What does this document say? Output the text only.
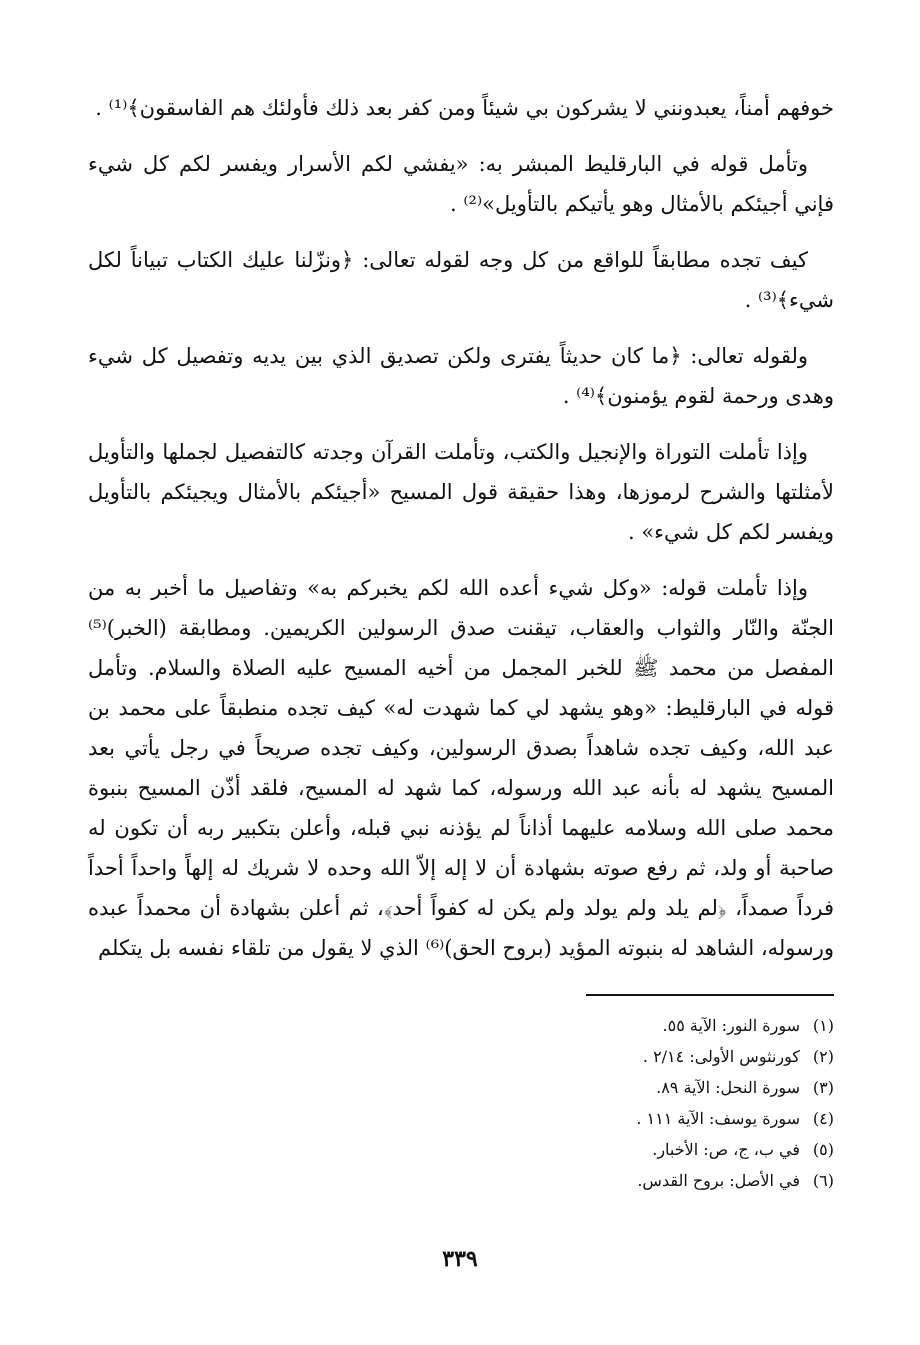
خوفهم أمناً، يعبدونني لا يشركون بي شيئاً ومن كفر بعد ذلك فأولئك هم الفاسقون﴾⁽¹⁾ .

وتأمل قوله في البارقليط المبشر به: «يفشي لكم الأسرار ويفسر لكم كل شيء فإني أجيئكم بالأمثال وهو يأتيكم بالتأويل»⁽²⁾ .

كيف تجده مطابقاً للواقع من كل وجه لقوله تعالى: ﴿ونزّلنا عليك الكتاب تبياناً لكل شيء﴾⁽³⁾ .

ولقوله تعالى: ﴿ما كان حديثاً يفترى ولكن تصديق الذي بين يديه وتفصيل كل شيء وهدى ورحمة لقوم يؤمنون﴾⁽⁴⁾ .

وإذا تأملت التوراة والإنجيل والكتب، وتأملت القرآن وجدته كالتفصيل لجملها والتأويل لأمثلتها والشرح لرموزها، وهذا حقيقة قول المسيح «أجيئكم بالأمثال ويجيئكم بالتأويل ويفسر لكم كل شيء» .

وإذا تأملت قوله: «وكل شيء أعده الله لكم يخبركم به» وتفاصيل ما أخبر به من الجنّة والنّار والثواب والعقاب، تيقنت صدق الرسولين الكريمين. ومطابقة (الخبر)⁽⁵⁾ المفصل من محمد ﷺ للخبر المجمل من أخيه المسيح عليه الصلاة والسلام. وتأمل قوله في البارقليط: «وهو يشهد لي كما شهدت له» كيف تجده منطبقاً على محمد بن عبد الله، وكيف تجده شاهداً بصدق الرسولين، وكيف تجده صريحاً في رجل يأتي بعد المسيح يشهد له بأنه عبد الله ورسوله، كما شهد له المسيح، فلقد أذّن المسيح بنبوة محمد صلى الله وسلامه عليهما أذاناً لم يؤذنه نبي قبله، وأعلن بتكبير ربه أن تكون له صاحبة أو ولد، ثم رفع صوته بشهادة أن لا إله إلاّ الله وحده لا شريك له إلهاً واحداً أحداً فرداً صمداً، ﴿لم يلد ولم يولد ولم يكن له كفواً أحد﴾، ثم أعلن بشهادة أن محمداً عبده ورسوله، الشاهد له بنبوته المؤيد (بروح الحق)⁽⁶⁾ الذي لا يقول من تلقاء نفسه بل يتكلم

(١)سورة النور: الآية ٥٥.
(٢)كورنثوس الأولى: ٢/١٤ .
(٣)سورة النحل: الآية ٨٩.
(٤)سورة يوسف: الآية ١١١ .
(٥)في ب، ج، ص: الأخبار.
(٦)في الأصل: بروح القدس.
٣٣٩
